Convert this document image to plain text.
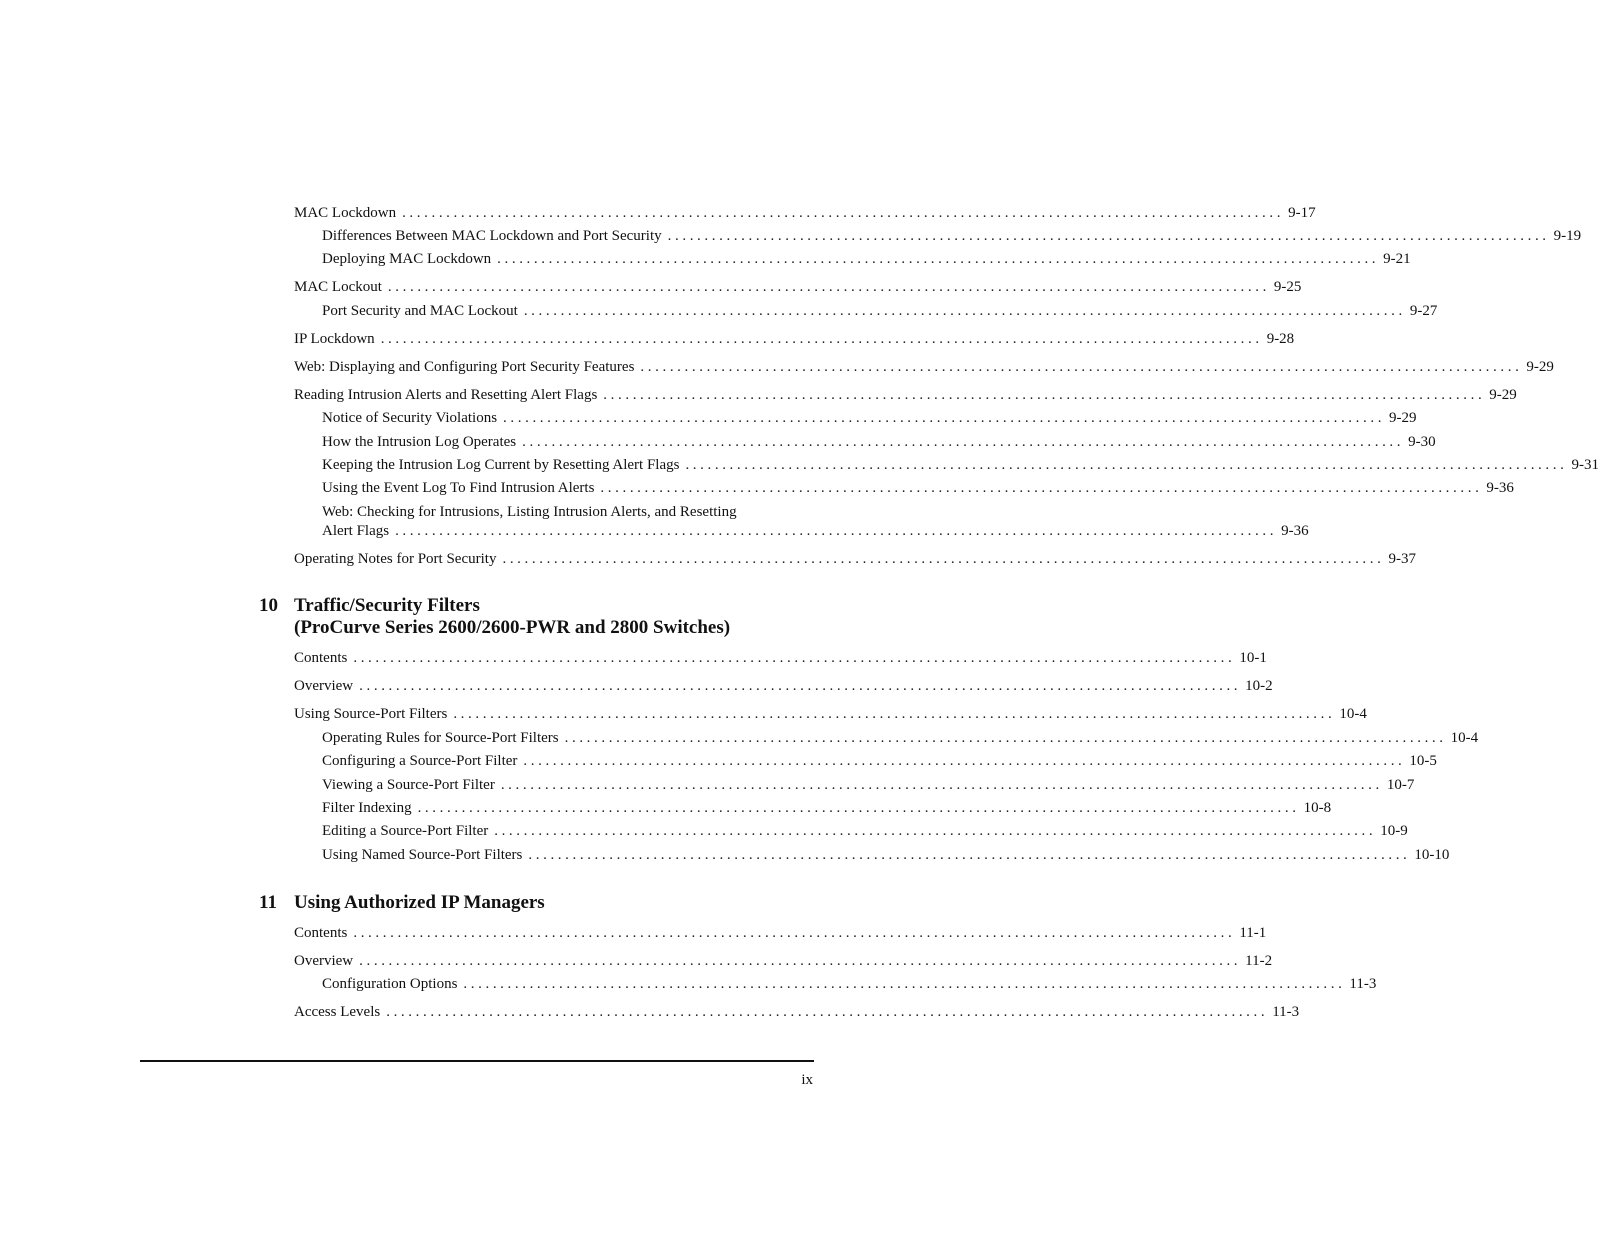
MAC Lockdown ........................................................................................................................ 9-17
Differences Between MAC Lockdown and Port Security ........................................................................................................................ 9-19
Deploying MAC Lockdown ........................................................................................................................ 9-21
MAC Lockout ........................................................................................................................ 9-25
Port Security and MAC Lockout ........................................................................................................................ 9-27
IP Lockdown ........................................................................................................................ 9-28
Web: Displaying and Configuring Port Security Features ........................................................................................................................ 9-29
Reading Intrusion Alerts and Resetting Alert Flags ........................................................................................................................ 9-29
Notice of Security Violations ........................................................................................................................ 9-29
How the Intrusion Log Operates ........................................................................................................................ 9-30
Keeping the Intrusion Log Current by Resetting Alert Flags ........................................................................................................................ 9-31
Using the Event Log To Find Intrusion Alerts ........................................................................................................................ 9-36
Web: Checking for Intrusions, Listing Intrusion Alerts, and Resetting
Alert Flags ........................................................................................................................ 9-36
Operating Notes for Port Security ........................................................................................................................ 9-37
10 Traffic/Security Filters
(ProCurve Series 2600/2600-PWR and 2800 Switches)
Contents ........................................................................................................................ 10-1
Overview ........................................................................................................................ 10-2
Using Source-Port Filters ........................................................................................................................ 10-4
Operating Rules for Source-Port Filters ........................................................................................................................ 10-4
Configuring a Source-Port Filter ........................................................................................................................ 10-5
Viewing a Source-Port Filter ........................................................................................................................ 10-7
Filter Indexing ........................................................................................................................ 10-8
Editing a Source-Port Filter ........................................................................................................................ 10-9
Using Named Source-Port Filters ........................................................................................................................ 10-10
11 Using Authorized IP Managers
Contents ........................................................................................................................ 11-1
Overview ........................................................................................................................ 11-2
Configuration Options ........................................................................................................................ 11-3
Access Levels ........................................................................................................................ 11-3
ix
